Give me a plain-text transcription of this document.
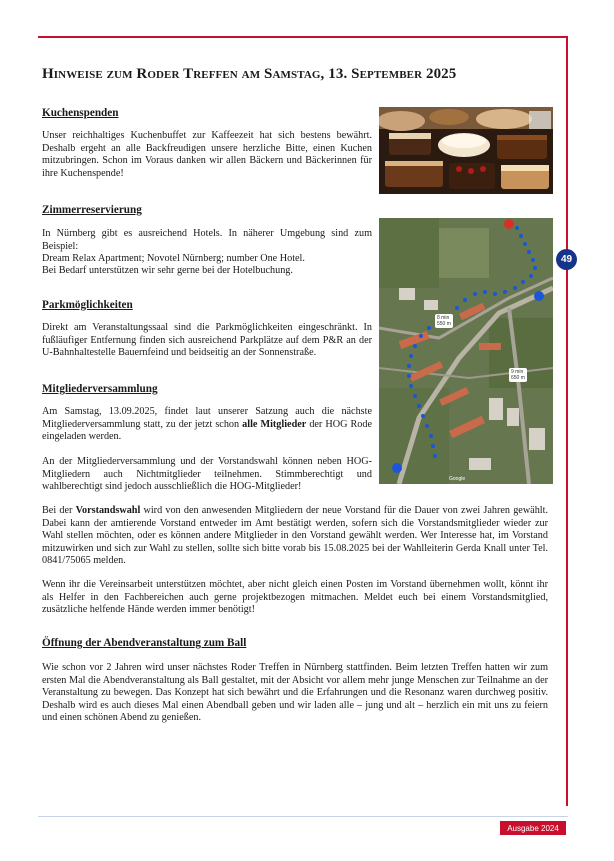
49
Hinweise zum Roder Treffen am Samstag, 13. September 2025
Kuchenspenden

Unser reichhaltiges Kuchenbuffet zur Kaffeezeit hat sich bestens bewährt. Deshalb ergeht an alle Backfreudigen unsere herzliche Bitte, einen Kuchen mitzubringen. Schon im Voraus danken wir allen Bäckern und Bäckerinnen für ihre Kuchenspende!

Zimmerreservierung

In Nürnberg gibt es ausreichend Hotels. In näherer Umgebung sind zum Beispiel:

Dream Relax Apartment; Novotel Nürnberg; number One Hotel.

Bei Bedarf unterstützen wir sehr gerne bei der Hotelbuchung.

Google
8 min
550 m
9 min
650 m
Parkmöglichkeiten

Direkt am Veranstaltungssaal sind die Parkmöglichkeiten eingeschränkt. In fußläufiger Entfernung finden sich ausreichend Parkplätze auf dem P&R an der U-Bahnhaltestelle Bauernfeind und beidseitig an der Sonnenstraße.

Mitgliederversammlung

Am Samstag, 13.09.2025, findet laut unserer Satzung auch die nächste Mitgliederversammlung statt, zu der jetzt schon alle Mitglieder der HOG Rode eingeladen werden.

An der Mitgliederversammlung und der Vorstandswahl können neben HOG-Mitgliedern auch Nichtmitglieder teilnehmen. Stimmberechtigt und wahlberechtigt sind jedoch ausschließlich die HOG-Mitglieder!

Bei der Vorstandswahl wird von den anwesenden Mitgliedern der neue Vorstand für die Dauer von zwei Jahren gewählt. Dabei kann der amtierende Vorstand entweder im Amt bestätigt werden, sofern sich die Vorstandsmitglieder wieder zur Wahl stellen möchten, oder es können andere Mitglieder in den Vorstand gewählt werden. Wer Interesse hat, im Vorstand mitzuwirken und sich zur Wahl zu stellen, sollte sich bitte vorab bis 15.08.2025 bei der Wahlleiterin Gerda Knall unter Tel. 0841/75065 melden.

Wenn ihr die Vereinsarbeit unterstützen möchtet, aber nicht gleich einen Posten im Vorstand übernehmen wollt, könnt ihr als Helfer in den Fachbereichen auch gerne projektbezogen mitmachen. Meldet euch bei einem Vorstandsmitglied, zusätzliche helfende Hände werden immer benötigt!

Öffnung der Abendveranstaltung zum Ball

Wie schon vor 2 Jahren wird unser nächstes Roder Treffen in Nürnberg stattfinden. Beim letzten Treffen hatten wir zum ersten Mal die Abendveranstaltung als Ball gestaltet, mit der Absicht vor allem mehr junge Menschen zur Teilnahme an der Veranstaltung zu bewegen. Das Konzept hat sich bewährt und die Erfahrungen und die Resonanz waren durchweg positiv. Deshalb wird es auch dieses Mal einen Abendball geben und wir laden alle – jung und alt – herzlich ein mit uns zu feiern und einen schönen Abend zu genießen.

Ausgabe 2024
